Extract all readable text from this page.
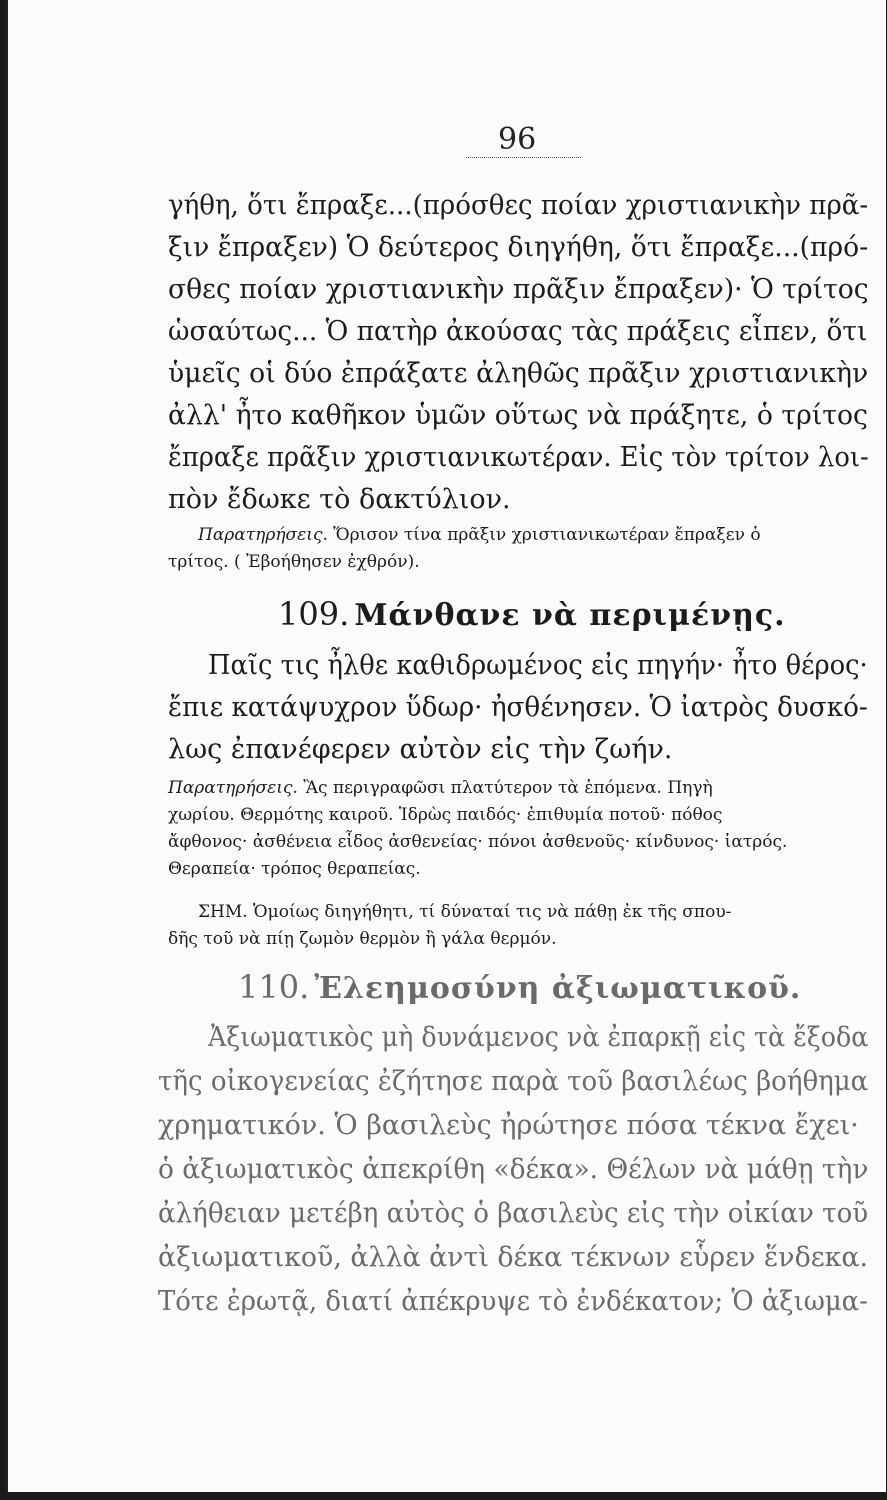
96
γήθη, ὅτι ἔπραξε...(πρόσθες ποίαν χριστιανικὴν πρᾶ-
ξιν ἔπραξεν) Ὁ δεύτερος διηγήθη, ὅτι ἔπραξε...(πρό-
σθες ποίαν χριστιανικὴν πρᾶξιν ἔπραξεν)· Ὁ τρίτος
ὡσαύτως... Ὁ πατὴρ ἀκούσας τὰς πράξεις εἶπεν, ὅτι
ὑμεῖς οἱ δύο ἐπράξατε ἀληθῶς πρᾶξιν χριστιανικὴν
ἀλλ' ἦτο καθῆκον ὑμῶν οὕτως νὰ πράξητε, ὁ τρίτος
ἔπραξε πρᾶξιν χριστιανικωτέραν. Εἰς τὸν τρίτον λοι-
πὸν ἔδωκε τὸ δακτύλιον.
Παρατηρήσεις. Ὅρισον τίνα πρᾶξιν χριστιανικωτέραν ἔπραξεν ὁ
τρίτος. ( Ἐβοήθησεν ἐχθρόν).
109. Μάνθανε νὰ περιμένῃς.
Παῖς τις ἦλθε καθιδρωμένος εἰς πηγήν· ἦτο θέρος·
ἔπιε κατάψυχρον ὕδωρ· ἠσθένησεν. Ὁ ἰατρὸς δυσκό-
λως ἐπανέφερεν αὐτὸν εἰς τὴν ζωήν.
Παρατηρήσεις. Ἂς περιγραφῶσι πλατύτερον τὰ ἑπόμενα. Πηγὴ
χωρίου. Θερμότης καιροῦ. Ἱδρὼς παιδός· ἐπιθυμία ποτοῦ· πόθος
ἄφθονος· ἀσθένεια εἶδος ἀσθενείας· πόνοι ἀσθενοῦς· κίνδυνος· ἰατρός.
Θεραπεία· τρόπος θεραπείας.
ΣΗΜ. Ὁμοίως διηγήθητι, τί δύναταί τις νὰ πάθῃ ἐκ τῆς σπου-
δῆς τοῦ νὰ πίῃ ζωμὸν θερμὸν ἢ γάλα θερμόν.
110. Ἐλεημοσύνη ἀξιωματικοῦ.
Ἀξιωματικὸς μὴ δυνάμενος νὰ ἐπαρκῇ εἰς τὰ ἔξοδα
τῆς οἰκογενείας ἐζήτησε παρὰ τοῦ βασιλέως βοήθημα
χρηματικόν. Ὁ βασιλεὺς ἠρώτησε πόσα τέκνα ἔχει·
ὁ ἀξιωματικὸς ἀπεκρίθη «δέκα». Θέλων νὰ μάθῃ τὴν
ἀλήθειαν μετέβη αὐτὸς ὁ βασιλεὺς εἰς τὴν οἰκίαν τοῦ
ἀξιωματικοῦ, ἀλλὰ ἀντὶ δέκα τέκνων εὗρεν ἕνδεκα.
Τότε ἐρωτᾷ, διατί ἀπέκρυψε τὸ ἑνδέκατον; Ὁ ἀξιωμα-
